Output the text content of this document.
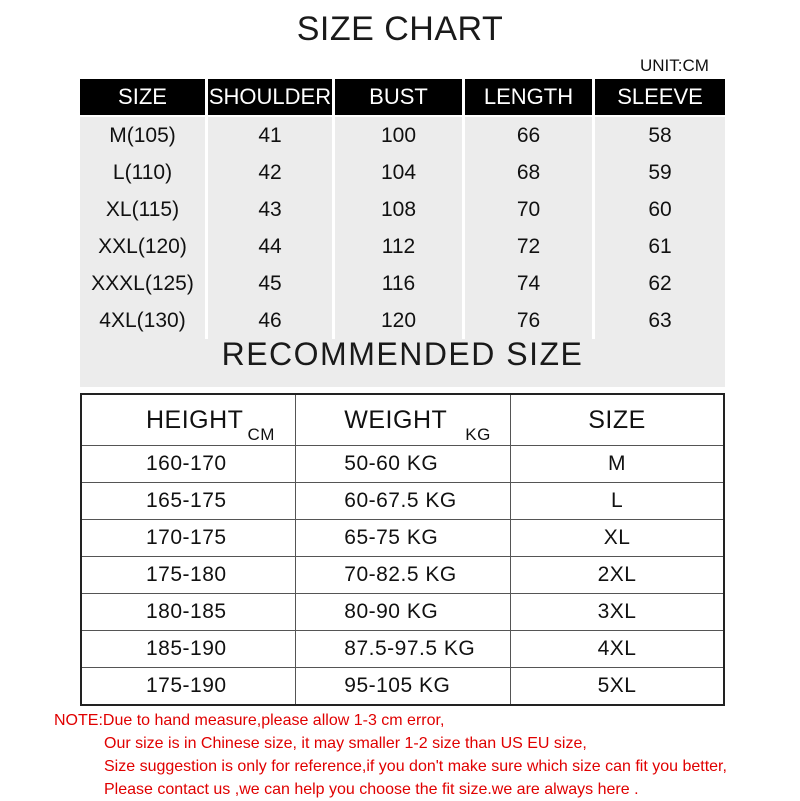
SIZE CHART
UNIT:CM
SIZE	SHOULDER	BUST	LENGTH	SLEEVE
M(105)	41	100	66	58
L(110)	42	104	68	59
XL(115)	43	108	70	60
XXL(120)	44	112	72	61
XXXL(125)	45	116	74	62
4XL(130)	46	120	76	63
RECOMMENDED SIZE
$HEIGHT_{CM}$	$WEIGHT_{KG}$	SIZE
160-170	50-60 KG	M
165-175	60-67.5 KG	L
170-175	65-75 KG	XL
175-180	70-82.5 KG	2XL
180-185	80-90 KG	3XL
185-190	87.5-97.5 KG	4XL
175-190	95-105 KG	5XL
NOTE:Due to hand measure,please allow 1-3 cm error,
Our size is in Chinese size, it may smaller 1-2 size than US EU size,
Size suggestion is only for reference,if you don't make sure which size can fit you better,
Please contact us ,we can help you choose the fit size.we are always here .
